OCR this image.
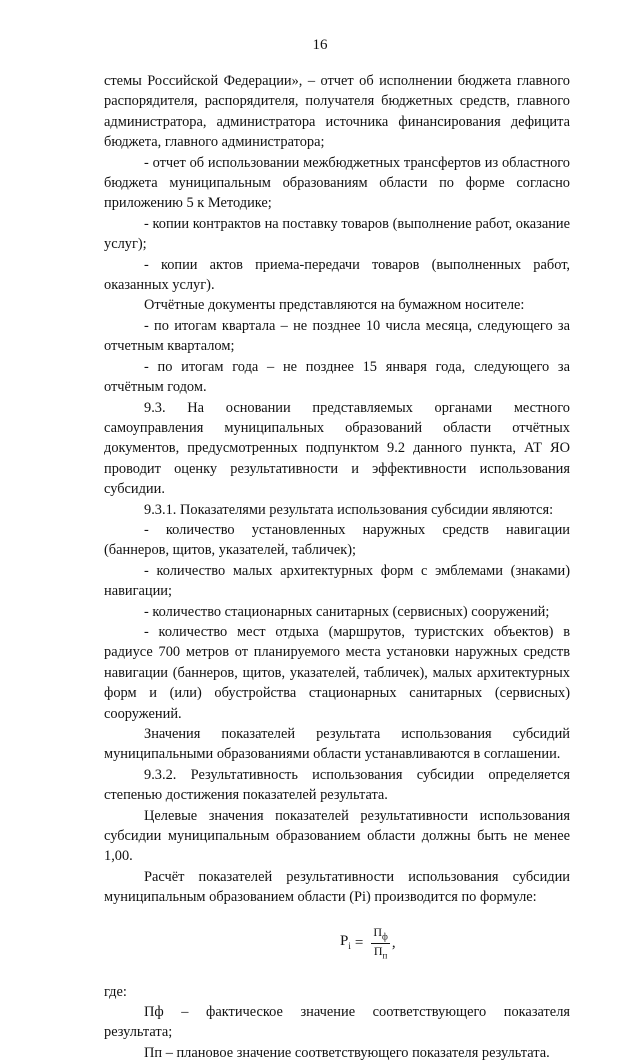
16

стемы Российской Федерации», – отчет об исполнении бюджета главного распорядителя, распорядителя, получателя бюджетных средств, главного администратора, администратора источника финансирования дефицита бюджета, главного администратора;

- отчет об использовании межбюджетных трансфертов из областного бюджета муниципальным образованиям области по форме согласно приложению 5 к Методике;

- копии контрактов на поставку товаров (выполнение работ, оказание услуг);

- копии актов приема-передачи товаров (выполненных работ, оказанных услуг).

Отчётные документы представляются на бумажном носителе:

- по итогам квартала – не позднее 10 числа месяца, следующего за отчетным кварталом;

- по итогам года – не позднее 15 января года, следующего за отчётным годом.

9.3. На основании представляемых органами местного самоуправления муниципальных образований области отчётных документов, предусмотренных подпунктом 9.2 данного пункта, АТ ЯО проводит оценку результативности и эффективности использования субсидии.

9.3.1. Показателями результата использования субсидии являются:

- количество установленных наружных средств навигации (баннеров, щитов, указателей, табличек);

- количество малых архитектурных форм с эмблемами (знаками) навигации;

- количество стационарных санитарных (сервисных) сооружений;

- количество мест отдыха (маршрутов, туристских объектов) в радиусе 700 метров от планируемого места установки наружных средств навигации (баннеров, щитов, указателей, табличек), малых архитектурных форм и (или) обустройства стационарных санитарных (сервисных) сооружений.

Значения показателей результата использования субсидий муниципальными образованиями области устанавливаются в соглашении.

9.3.2. Результативность использования субсидии определяется степенью достижения показателей результата.

Целевые значения показателей результативности использования субсидии муниципальным образованием области должны быть не менее 1,00.

Расчёт показателей результативности использования субсидии муниципальным образованием области (Pi) производится по формуле:

$P_i = \frac{П_ф}{П_п}$ ,

где:

Пф – фактическое значение соответствующего показателя результата;

Пп – плановое значение соответствующего показателя результата.
